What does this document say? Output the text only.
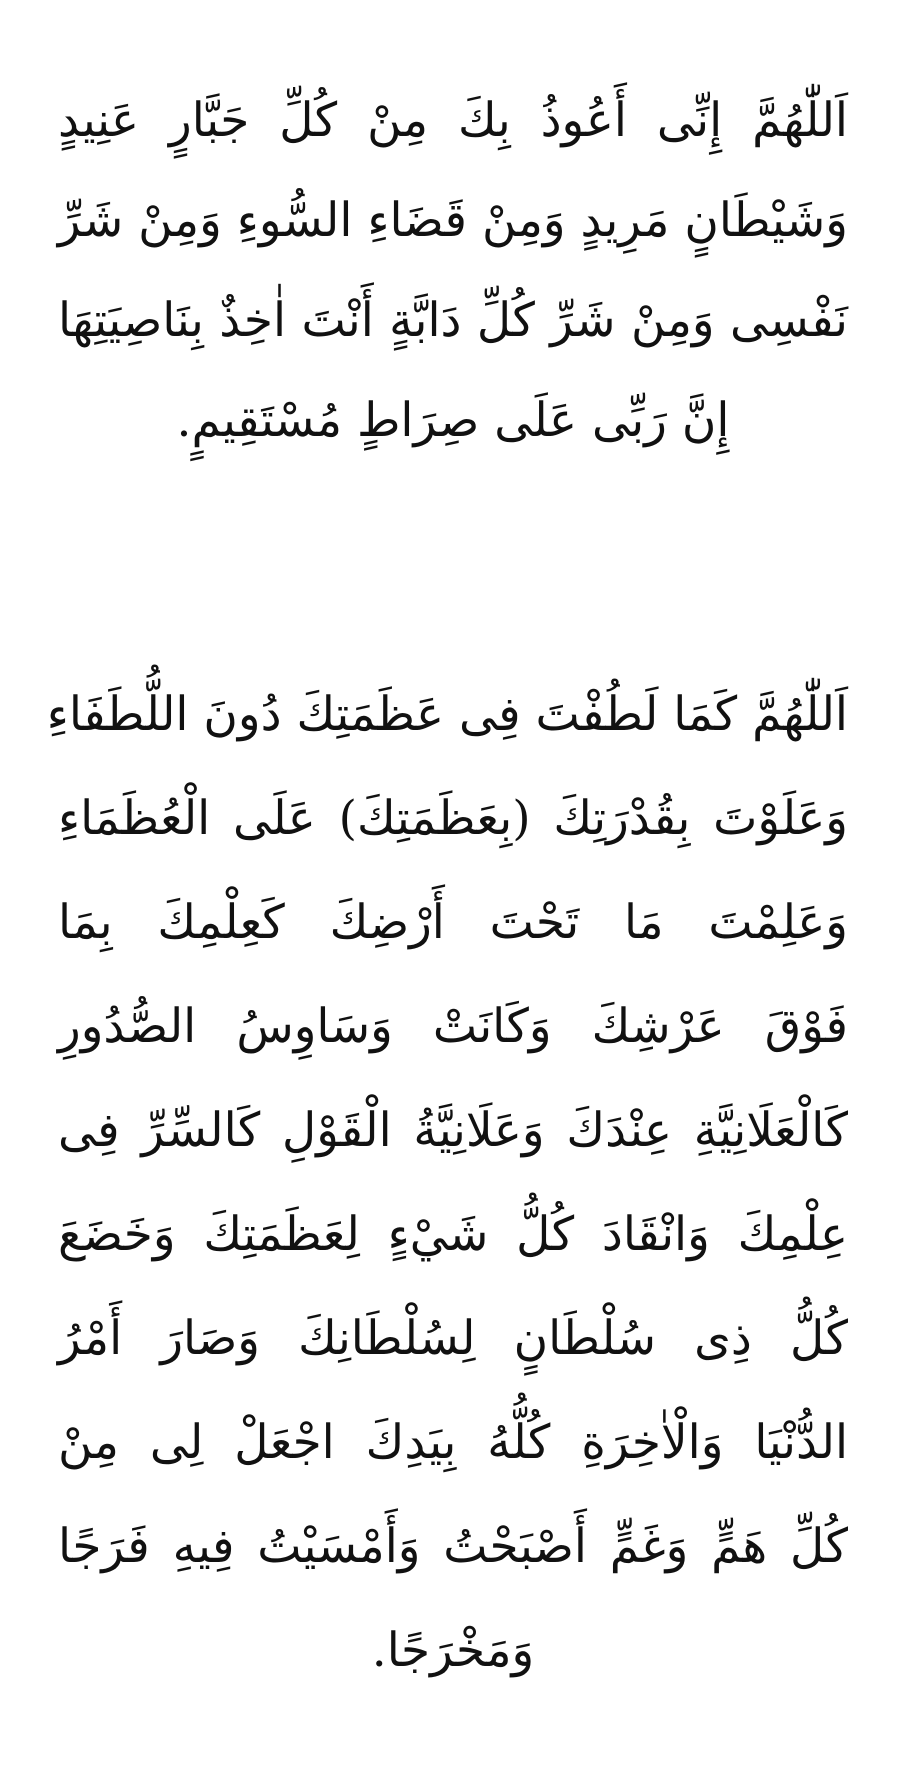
اَللّٰهُمَّ إِنِّى أَعُوذُ بِكَ مِنْ كُلِّ جَبَّارٍ عَنِيدٍ
وَشَيْطَانٍ مَرِيدٍ وَمِنْ قَضَاءِ السُّوءِ وَمِنْ شَرِّ
نَفْسِى وَمِنْ شَرِّ كُلِّ دَابَّةٍ أَنْتَ اٰخِذٌ بِنَاصِيَتِهَا
إِنَّ رَبِّى عَلَى صِرَاطٍ مُسْتَقِيمٍ.
اَللّٰهُمَّ كَمَا لَطُفْتَ فِى عَظَمَتِكَ دُونَ اللُّطَفَاءِ
وَعَلَوْتَ بِقُدْرَتِكَ (بِعَظَمَتِكَ) عَلَى الْعُظَمَاءِ
وَعَلِمْتَ مَا تَحْتَ أَرْضِكَ كَعِلْمِكَ بِمَا
فَوْقَ عَرْشِكَ وَكَانَتْ وَسَاوِسُ الصُّدُورِ
كَالْعَلَانِيَّةِ عِنْدَكَ وَعَلَانِيَّةُ الْقَوْلِ كَالسِّرِّ فِى
عِلْمِكَ وَانْقَادَ كُلُّ شَيْءٍ لِعَظَمَتِكَ وَخَضَعَ
كُلُّ ذِى سُلْطَانٍ لِسُلْطَانِكَ وَصَارَ أَمْرُ
الدُّنْيَا وَالْاٰخِرَةِ كُلُّهُ بِيَدِكَ اجْعَلْ لِى مِنْ
كُلِّ هَمٍّ وَغَمٍّ أَصْبَحْتُ وَأَمْسَيْتُ فِيهِ فَرَجًا
وَمَخْرَجًا.
